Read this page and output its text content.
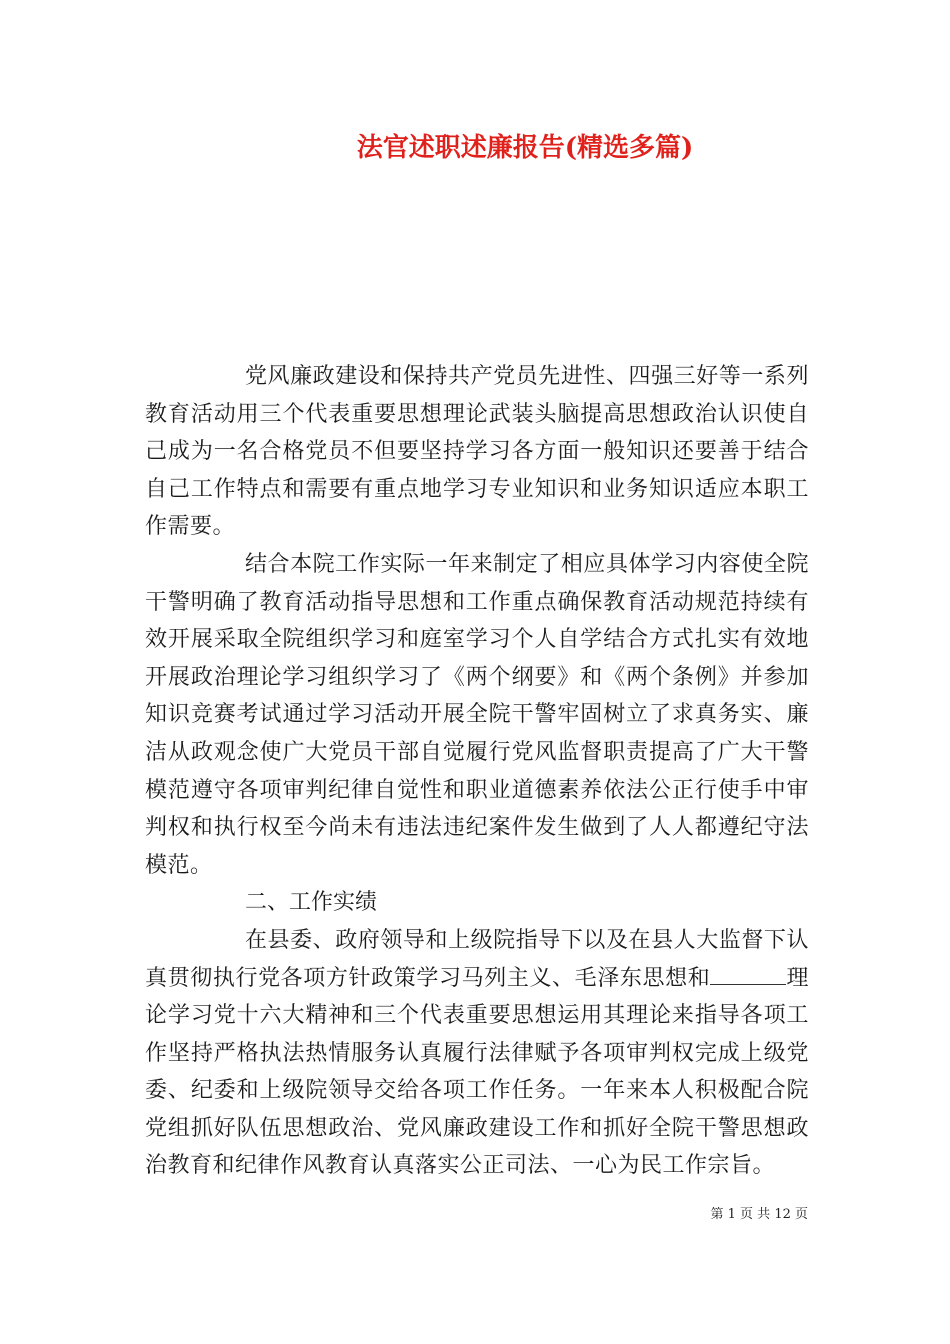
法官述职述廉报告(精选多篇)

党风廉政建设和保持共产党员先进性、四强三好等一系列教育活动用三个代表重要思想理论武装头脑提高思想政治认识使自己成为一名合格党员不但要坚持学习各方面一般知识还要善于结合自己工作特点和需要有重点地学习专业知识和业务知识适应本职工作需要。

结合本院工作实际一年来制定了相应具体学习内容使全院干警明确了教育活动指导思想和工作重点确保教育活动规范持续有效开展采取全院组织学习和庭室学习个人自学结合方式扎实有效地开展政治理论学习组织学习了《两个纲要》和《两个条例》并参加知识竞赛考试通过学习活动开展全院干警牢固树立了求真务实、廉洁从政观念使广大党员干部自觉履行党风监督职责提高了广大干警模范遵守各项审判纪律自觉性和职业道德素养依法公正行使手中审判权和执行权至今尚未有违法违纪案件发生做到了人人都遵纪守法模范。

二、工作实绩

在县委、政府领导和上级院指导下以及在县人大监督下认真贯彻执行党各项方针政策学习马列主义、毛泽东思想和	理论学习党十六大精神和三个代表重要思想运用其理论来指导各项工作坚持严格执法热情服务认真履行法律赋予各项审判权完成上级党委、纪委和上级院领导交给各项工作任务。一年来本人积极配合院党组抓好队伍思想政治、党风廉政建设工作和抓好全院干警思想政治教育和纪律作风教育认真落实公正司法、一心为民工作宗旨。

第 1 页 共 12 页
